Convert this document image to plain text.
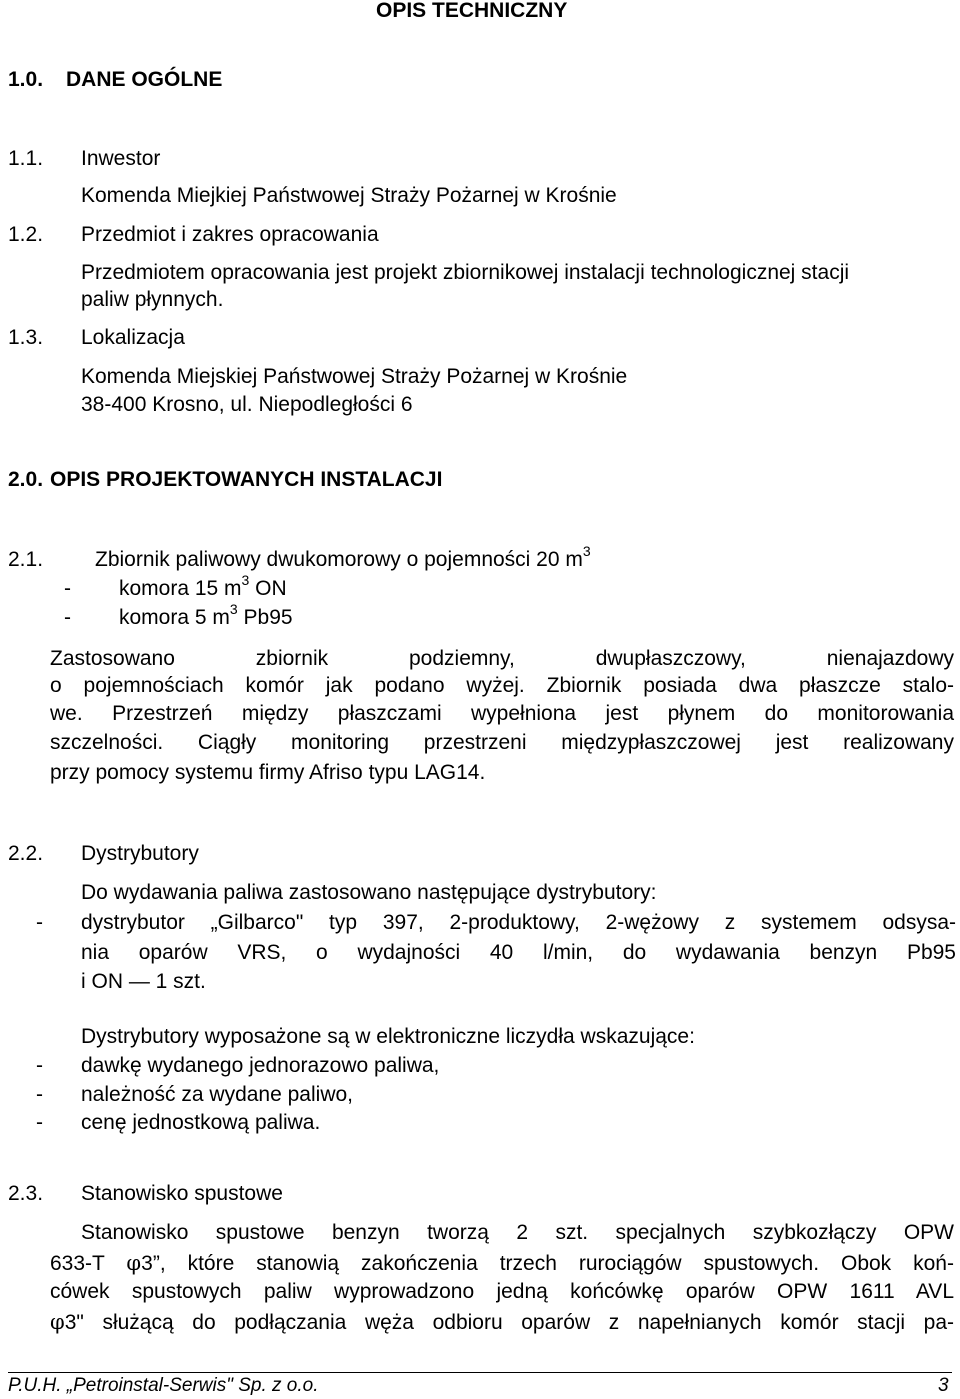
OPIS TECHNICZNY
1.0. DANE OGÓLNE
1.1. Inwestor
Komenda Miejkiej Państwowej Straży Pożarnej w Krośnie
1.2. Przedmiot i zakres opracowania
Przedmiotem opracowania jest projekt zbiornikowej instalacji technologicznej stacji
paliw płynnych.
1.3. Lokalizacja
Komenda Miejskiej Państwowej Straży Pożarnej w Krośnie
38-400 Krosno, ul. Niepodległości 6
2.0. OPIS PROJEKTOWANYCH INSTALACJI
2.1. Zbiornik paliwowy dwukomorowy o pojemności 20 $m^3$
- komora 15 $m^3$ ON
- komora 5 $m^3$ Pb95
Zastosowano zbiornik podziemny, dwupłaszczowy, nienajazdowy
o pojemnościach komór jak podano wyżej. Zbiornik posiada dwa płaszcze stalo-
we. Przestrzeń między płaszczami wypełniona jest płynem do monitorowania
szczelności. Ciągły monitoring przestrzeni międzypłaszczowej jest realizowany
przy pomocy systemu firmy Afriso typu LAG14.
2.2. Dystrybutory
Do wydawania paliwa zastosowano następujące dystrybutory:
- dystrybutor „Gilbarco" typ 397, 2-produktowy, 2-wężowy z systemem odsysa-
nia oparów VRS, o wydajności 40 l/min, do wydawania benzyn Pb95
i ON — 1 szt.
Dystrybutory wyposażone są w elektroniczne liczydła wskazujące:
- dawkę wydanego jednorazowo paliwa,
- należność za wydane paliwo,
- cenę jednostkową paliwa.
2.3. Stanowisko spustowe
Stanowisko spustowe benzyn tworzą 2 szt. specjalnych szybkozłączy OPW
633-T φ3”, które stanowią zakończenia trzech rurociągów spustowych. Obok koń-
cówek spustowych paliw wyprowadzono jedną końcówkę oparów OPW 1611 AVL
φ3" służącą do podłączania węża odbioru oparów z napełnianych komór stacji pa-
P.U.H. „Petroinstal-Serwis" Sp. z o.o.	3
